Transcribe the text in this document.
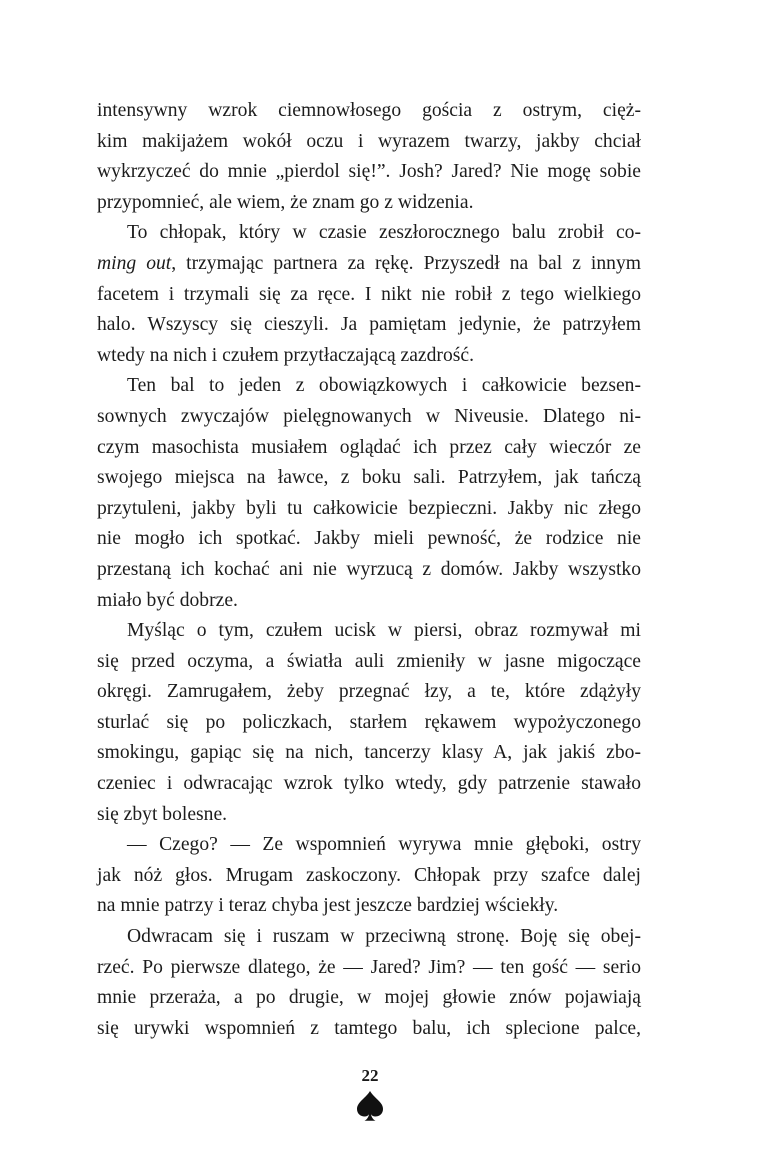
intensywny wzrok ciemnowłosego gościa z ostrym, cięż-
kim makijażem wokół oczu i wyrazem twarzy, jakby chciał
wykrzyczeć do mnie „pierdol się!”. Josh? Jared? Nie mogę sobie
przypomnieć, ale wiem, że znam go z widzenia.

To chłopak, który w czasie zeszłorocznego balu zrobił co-
ming out, trzymając partnera za rękę. Przyszedł na bal z innym
facetem i trzymali się za ręce. I nikt nie robił z tego wielkiego
halo. Wszyscy się cieszyli. Ja pamiętam jedynie, że patrzyłem
wtedy na nich i czułem przytłaczającą zazdrość.

Ten bal to jeden z obowiązkowych i całkowicie bezsen-
sownych zwyczajów pielęgnowanych w Niveusie. Dlatego ni-
czym masochista musiałem oglądać ich przez cały wieczór ze
swojego miejsca na ławce, z boku sali. Patrzyłem, jak tańczą
przytuleni, jakby byli tu całkowicie bezpieczni. Jakby nic złego
nie mogło ich spotkać. Jakby mieli pewność, że rodzice nie
przestaną ich kochać ani nie wyrzucą z domów. Jakby wszystko
miało być dobrze.

Myśląc o tym, czułem ucisk w piersi, obraz rozmywał mi
się przed oczyma, a światła auli zmieniły w jasne migoczące
okręgi. Zamrugałem, żeby przegnać łzy, a te, które zdążyły
sturlać się po policzkach, starłem rękawem wypożyczonego
smokingu, gapiąc się na nich, tancerzy klasy A, jak jakiś zbo-
czeniec i odwracając wzrok tylko wtedy, gdy patrzenie stawało
się zbyt bolesne.

— Czego? — Ze wspomnień wyrywa mnie głęboki, ostry
jak nóż głos. Mrugam zaskoczony. Chłopak przy szafce dalej
na mnie patrzy i teraz chyba jest jeszcze bardziej wściekły.

Odwracam się i ruszam w przeciwną stronę. Boję się obej-
rzeć. Po pierwsze dlatego, że — Jared? Jim? — ten gość — serio
mnie przeraża, a po drugie, w mojej głowie znów pojawiają
się urywki wspomnień z tamtego balu, ich splecione palce,

22
